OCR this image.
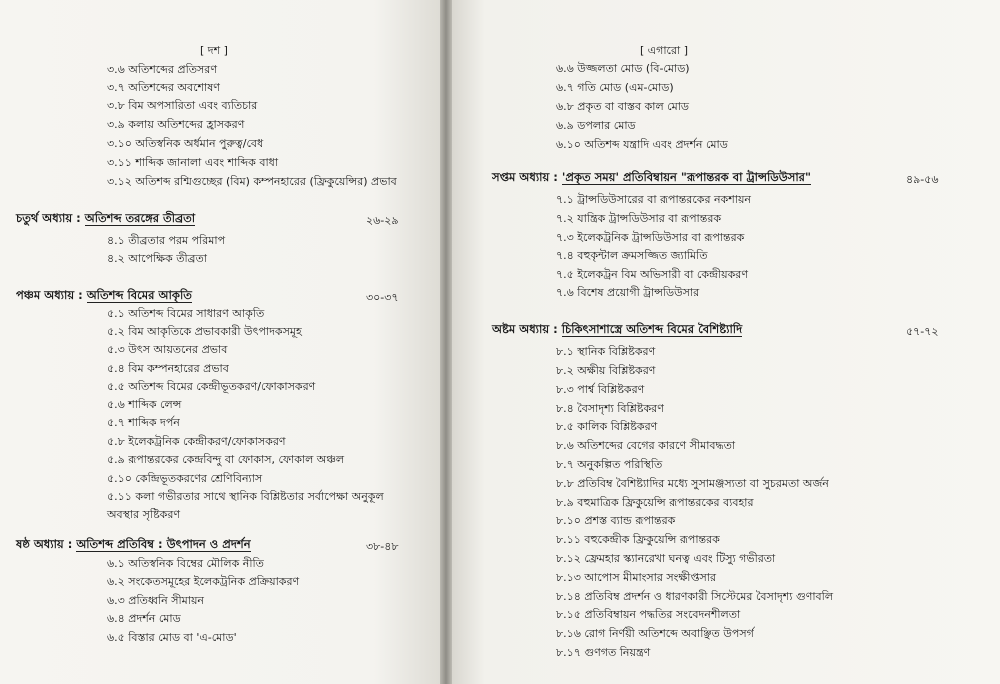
[ দশ ]
৩.৬ অতিশব্দের প্রতিসরণ
৩.৭ অতিশব্দের অবশোষণ
৩.৮ বিম অপসারিতা এবং ব্যতিচার
৩.৯ কলায় অতিশব্দের হ্রাসকরণ
৩.১০ অতিস্বনিক অর্ধমান পুরুত্ব/বেধ
৩.১১ শাব্দিক জানালা এবং শাব্দিক বাধা
৩.১২ অতিশব্দ রশ্মিগুচ্ছের (বিম) কম্পনহারের (ফ্রিকুয়েন্সির) প্রভাব
চতুর্থ অধ্যায় : অতিশব্দ তরঙ্গের তীব্রতা	২৬-২৯
৪.১ তীব্রতার পরম পরিমাপ
৪.২ আপেক্ষিক তীব্রতা
পঞ্চম অধ্যায় : অতিশব্দ বিমের আকৃতি	৩০-৩৭
৫.১ অতিশব্দ বিমের সাধারণ আকৃতি
৫.২ বিম আকৃতিকে প্রভাবকারী উৎপাদকসমূহ
৫.৩ উৎস আয়তনের প্রভাব
৫.৪ বিম কম্পনহারের প্রভাব
৫.৫ অতিশব্দ বিমের কেন্দ্রীভূতকরণ/ফোকাসকরণ
৫.৬ শাব্দিক লেন্স
৫.৭ শাব্দিক দর্পন
৫.৮ ইলেকট্রনিক কেন্দ্রীকরণ/ফোকাসকরণ
৫.৯ রূপান্তরকের কেন্দ্রবিন্দু বা ফোকাস, ফোকাল অঞ্চল
৫.১০ কেন্দ্রিভূতকরণের শ্রেণিবিন্যাস
৫.১১ কলা গভীরতার সাথে স্থানিক বিশ্লিষ্টতার সর্বাপেক্ষা অনুকূল
অবস্থার সৃষ্টিকরণ
ষষ্ঠ অধ্যায় : অতিশব্দ প্রতিবিম্ব : উৎপাদন ও প্রদর্শন	৩৮-৪৮
৬.১ অতিস্বনিক বিম্বের মৌলিক নীতি
৬.২ সংকেতসমূহের ইলেকট্রনিক প্রক্রিয়াকরণ
৬.৩ প্রতিধ্বনি সীমায়ন
৬.৪ প্রদর্শন মোড
৬.৫ বিস্তার মোড বা 'এ-মোড'
[ এগারো ]
৬.৬ উজ্জলতা মোড (বি-মোড)
৬.৭ গতি মোড (এম-মোড)
৬.৮ প্রকৃত বা বাস্তব কাল মোড
৬.৯ ডপলার মোড
৬.১০ অতিশব্দ যন্ত্রাদি এবং প্রদর্শন মোড
সপ্তম অধ্যায় : 'প্রকৃত সময়' প্রতিবিম্বায়ন "রূপান্তরক বা ট্রান্সডিউসার"	৪৯-৫৬
৭.১ ট্রান্সডিউসারের বা রূপান্তরকের নকশায়ন
৭.২ যান্ত্রিক ট্রান্সডিউসার বা রূপান্তরক
৭.৩ ইলেকট্রনিক ট্রান্সডিউসার বা রূপান্তরক
৭.৪ বহুকৃন্টাল ক্রমসজ্জিত জ্যামিতি
৭.৫ ইলেকট্রন বিম অভিসারী বা কেন্দ্রীয়করণ
৭.৬ বিশেষ প্রয়োগী ট্রান্সডিউসার
অষ্টম অধ্যায় : চিকিৎসাশাস্ত্রে অতিশব্দ বিমের বৈশিষ্ট্যাদি	৫৭-৭২
৮.১ স্থানিক বিশ্লিষ্টকরণ
৮.২ অক্ষীয় বিশ্লিষ্টকরণ
৮.৩ পার্শ্ব বিশ্লিষ্টকরণ
৮.৪ বৈসাদৃশ্য বিশ্লিষ্টকরণ
৮.৫ কালিক বিশ্লিষ্টকরণ
৮.৬ অতিশব্দের বেগের কারণে সীমাবদ্ধতা
৮.৭ অনুকল্পিত পরিস্থিতি
৮.৮ প্রতিবিম্ব বৈশিষ্ট্যাদির মধ্যে সুসামঞ্জস্যতা বা সুচরমতা অর্জন
৮.৯ বহুমাত্রিক ফ্রিকুয়েন্সি রূপান্তরকের ব্যবহার
৮.১০ প্রশস্ত ব্যান্ড রূপান্তরক
৮.১১ বহুকেন্দ্রীক ফ্রিকুয়েন্সি রূপান্তরক
৮.১২ ফ্রেমহার স্ক্যানরেখা ঘনত্ব এবং টিস্যু গভীরতা
৮.১৩ আপোস মীমাংসার সংক্ষীপ্তসার
৮.১৪ প্রতিবিম্ব প্রদর্শন ও ধারণকারী সিস্টেমের বৈসাদৃশ্য গুণাবলি
৮.১৫ প্রতিবিম্বায়ন পদ্ধতির সংবেদনশীলতা
৮.১৬ রোগ নির্ণয়ী অতিশব্দে অবাঞ্ছিত উপসর্গ
৮.১৭ গুণগত নিয়ন্ত্রণ
